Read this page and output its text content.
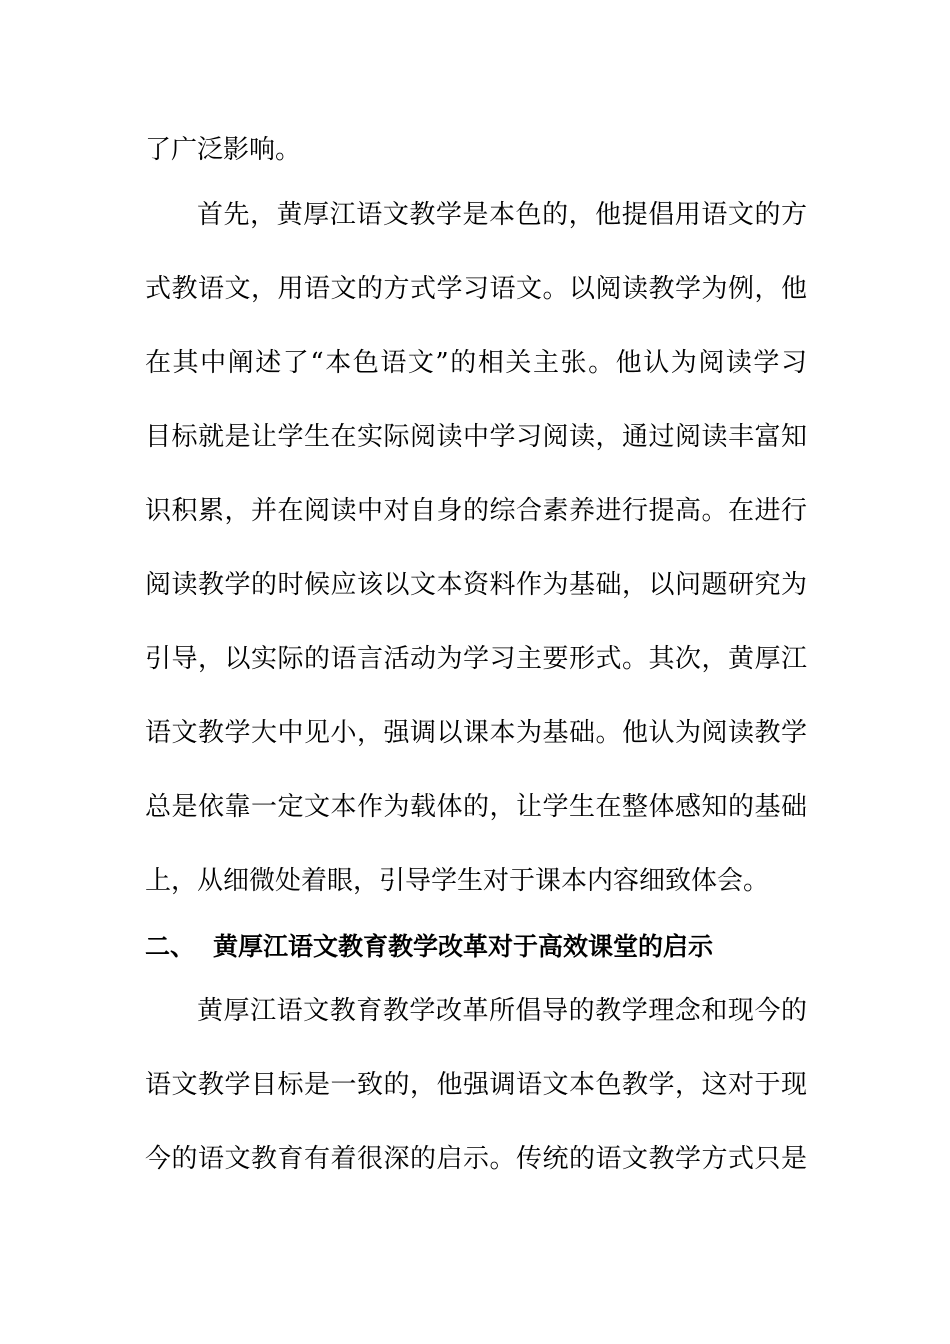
了广泛影响。
首先，黄厚江语文教学是本色的，他提倡用语文的方
式教语文，用语文的方式学习语文。以阅读教学为例，他
在其中阐述了“本色语文”的相关主张。他认为阅读学习
目标就是让学生在实际阅读中学习阅读，通过阅读丰富知
识积累，并在阅读中对自身的综合素养进行提高。在进行
阅读教学的时候应该以文本资料作为基础，以问题研究为
引导，以实际的语言活动为学习主要形式。其次，黄厚江
语文教学大中见小，强调以课本为基础。他认为阅读教学
总是依靠一定文本作为载体的，让学生在整体感知的基础
上，从细微处着眼，引导学生对于课本内容细致体会。
二、 黄厚江语文教育教学改革对于高效课堂的启示
黄厚江语文教育教学改革所倡导的教学理念和现今的
语文教学目标是一致的，他强调语文本色教学，这对于现
今的语文教育有着很深的启示。传统的语文教学方式只是
